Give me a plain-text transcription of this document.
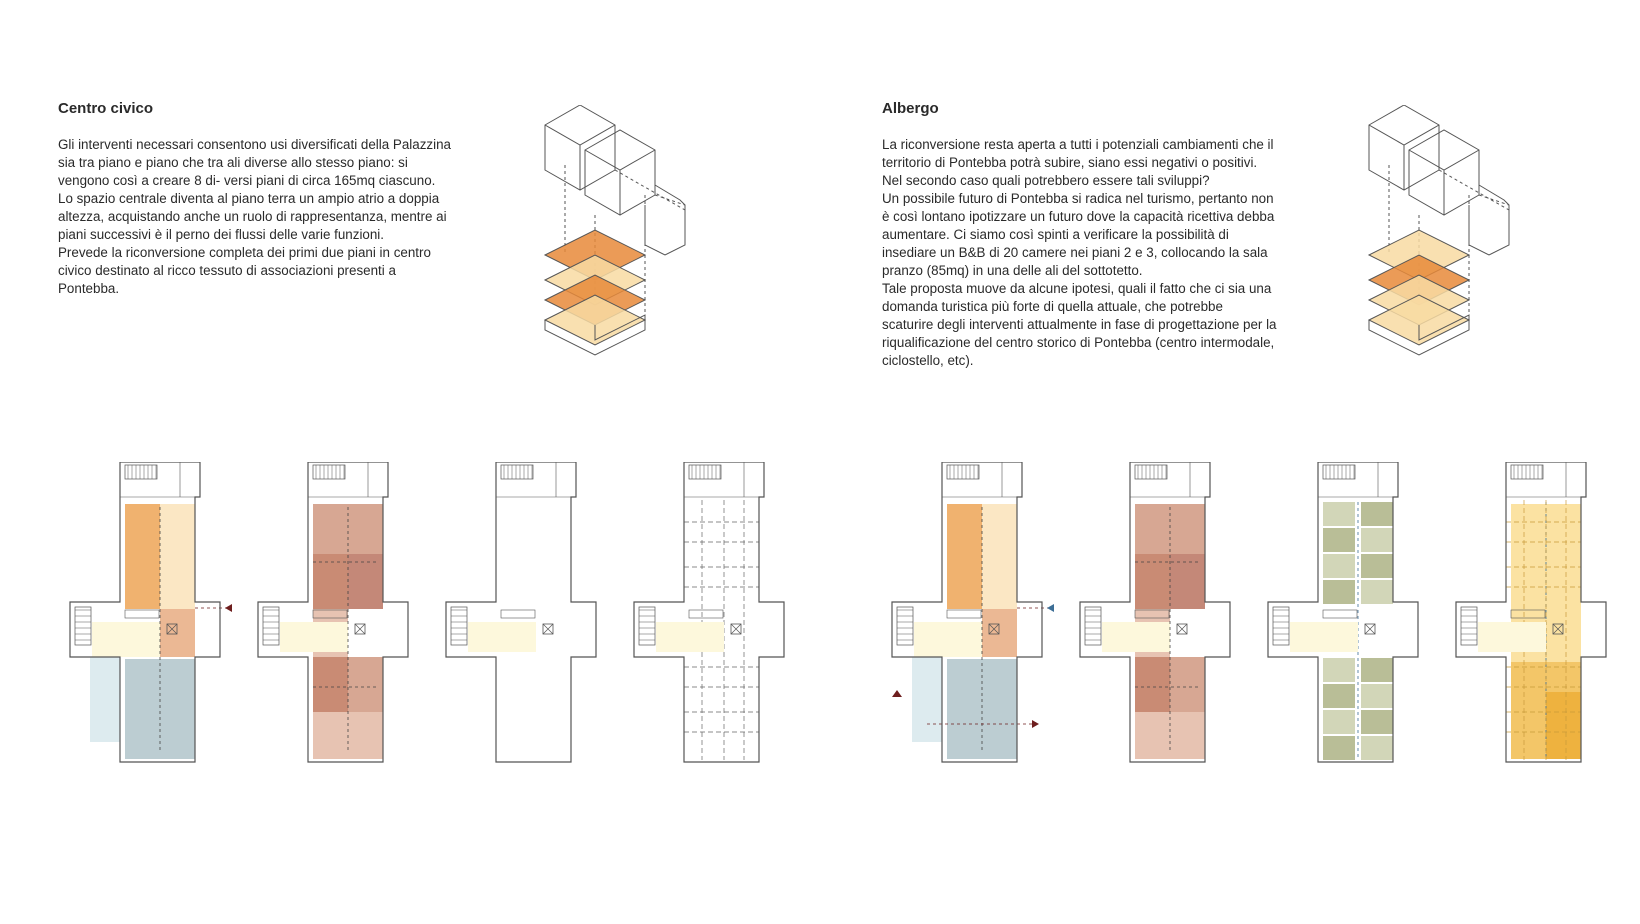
Centro civico

Gli interventi necessari consentono usi diversificati della Palazzina sia tra piano e piano che tra ali diverse allo stesso piano: si vengono così a creare 8 di- versi piani di circa 165mq ciascuno. Lo spazio centrale diventa al piano terra un ampio atrio a doppia altezza, acquistando anche un ruolo di rappresentanza, mentre ai piani successivi è il perno dei flussi delle varie funzioni.

Prevede la riconversione completa dei primi due piani in centro civico destinato al ricco tessuto di associazioni presenti a Pontebba.

Albergo

La riconversione resta aperta a tutti i potenziali cambiamenti che il territorio di Pontebba potrà subire, siano essi negativi o positivi.

Nel secondo caso quali potrebbero essere tali sviluppi?

Un possibile futuro di Pontebba si radica nel turismo, pertanto non è così lontano ipotizzare un futuro dove la capacità ricettiva debba aumentare. Ci siamo così spinti a verificare la possibilità di insediare un B&B di 20 camere nei piani 2 e 3, collocando la sala pranzo (85mq) in una delle ali del sottotetto.

Tale proposta muove da alcune ipotesi, quali il fatto che ci sia una domanda turistica più forte di quella attuale, che potrebbe scaturire degli interventi attualmente in fase di progettazione per la riqualificazione del centro storico di Pontebba (centro intermodale, ciclostello, etc).
